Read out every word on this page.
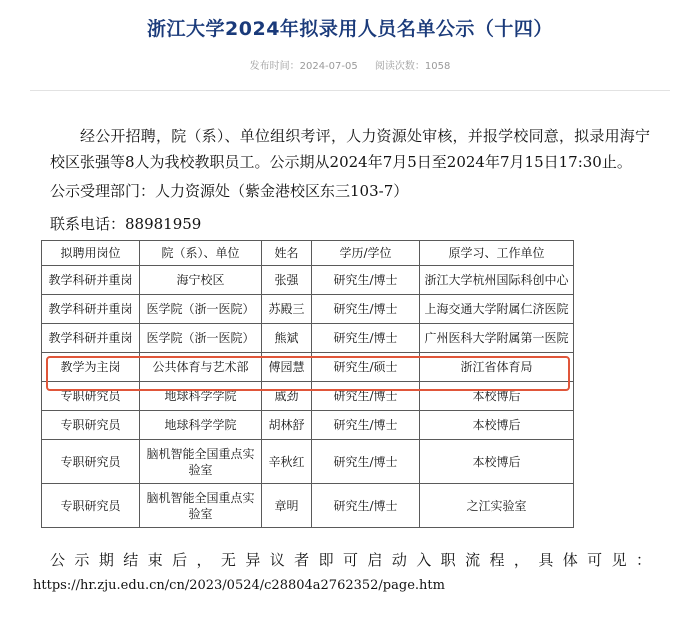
浙江大学2024年拟录用人员名单公示（十四）
发布时间：2024-07-05 阅读次数：1058
经公开招聘，院（系）、单位组织考评，人力资源处审核，并报学校同意，拟录用海宁校区张强等8人为我校教职员工。公示期从2024年7月5日至2024年7月15日17:30止。
公示受理部门：人力资源处（紫金港校区东三103-7）
联系电话：88981959
拟聘用岗位	院（系）、单位	姓名	学历/学位	原学习、工作单位
教学科研并重岗	海宁校区	张强	研究生/博士	浙江大学杭州国际科创中心
教学科研并重岗	医学院（浙一医院）	苏殿三	研究生/博士	上海交通大学附属仁济医院
教学科研并重岗	医学院（浙一医院）	熊斌	研究生/博士	广州医科大学附属第一医院
教学为主岗	公共体育与艺术部	傅园慧	研究生/硕士	浙江省体育局
专职研究员	地球科学学院	戚劲	研究生/博士	本校博后
专职研究员	地球科学学院	胡林舒	研究生/博士	本校博后
专职研究员	脑机智能全国重点实验室	辛秋红	研究生/博士	本校博后
专职研究员	脑机智能全国重点实验室	章明	研究生/博士	之江实验室
公示期结束后，无异议者即可启动入职流程，具体可见：
https://hr.zju.edu.cn/cn/2023/0524/c28804a2762352/page.htm
